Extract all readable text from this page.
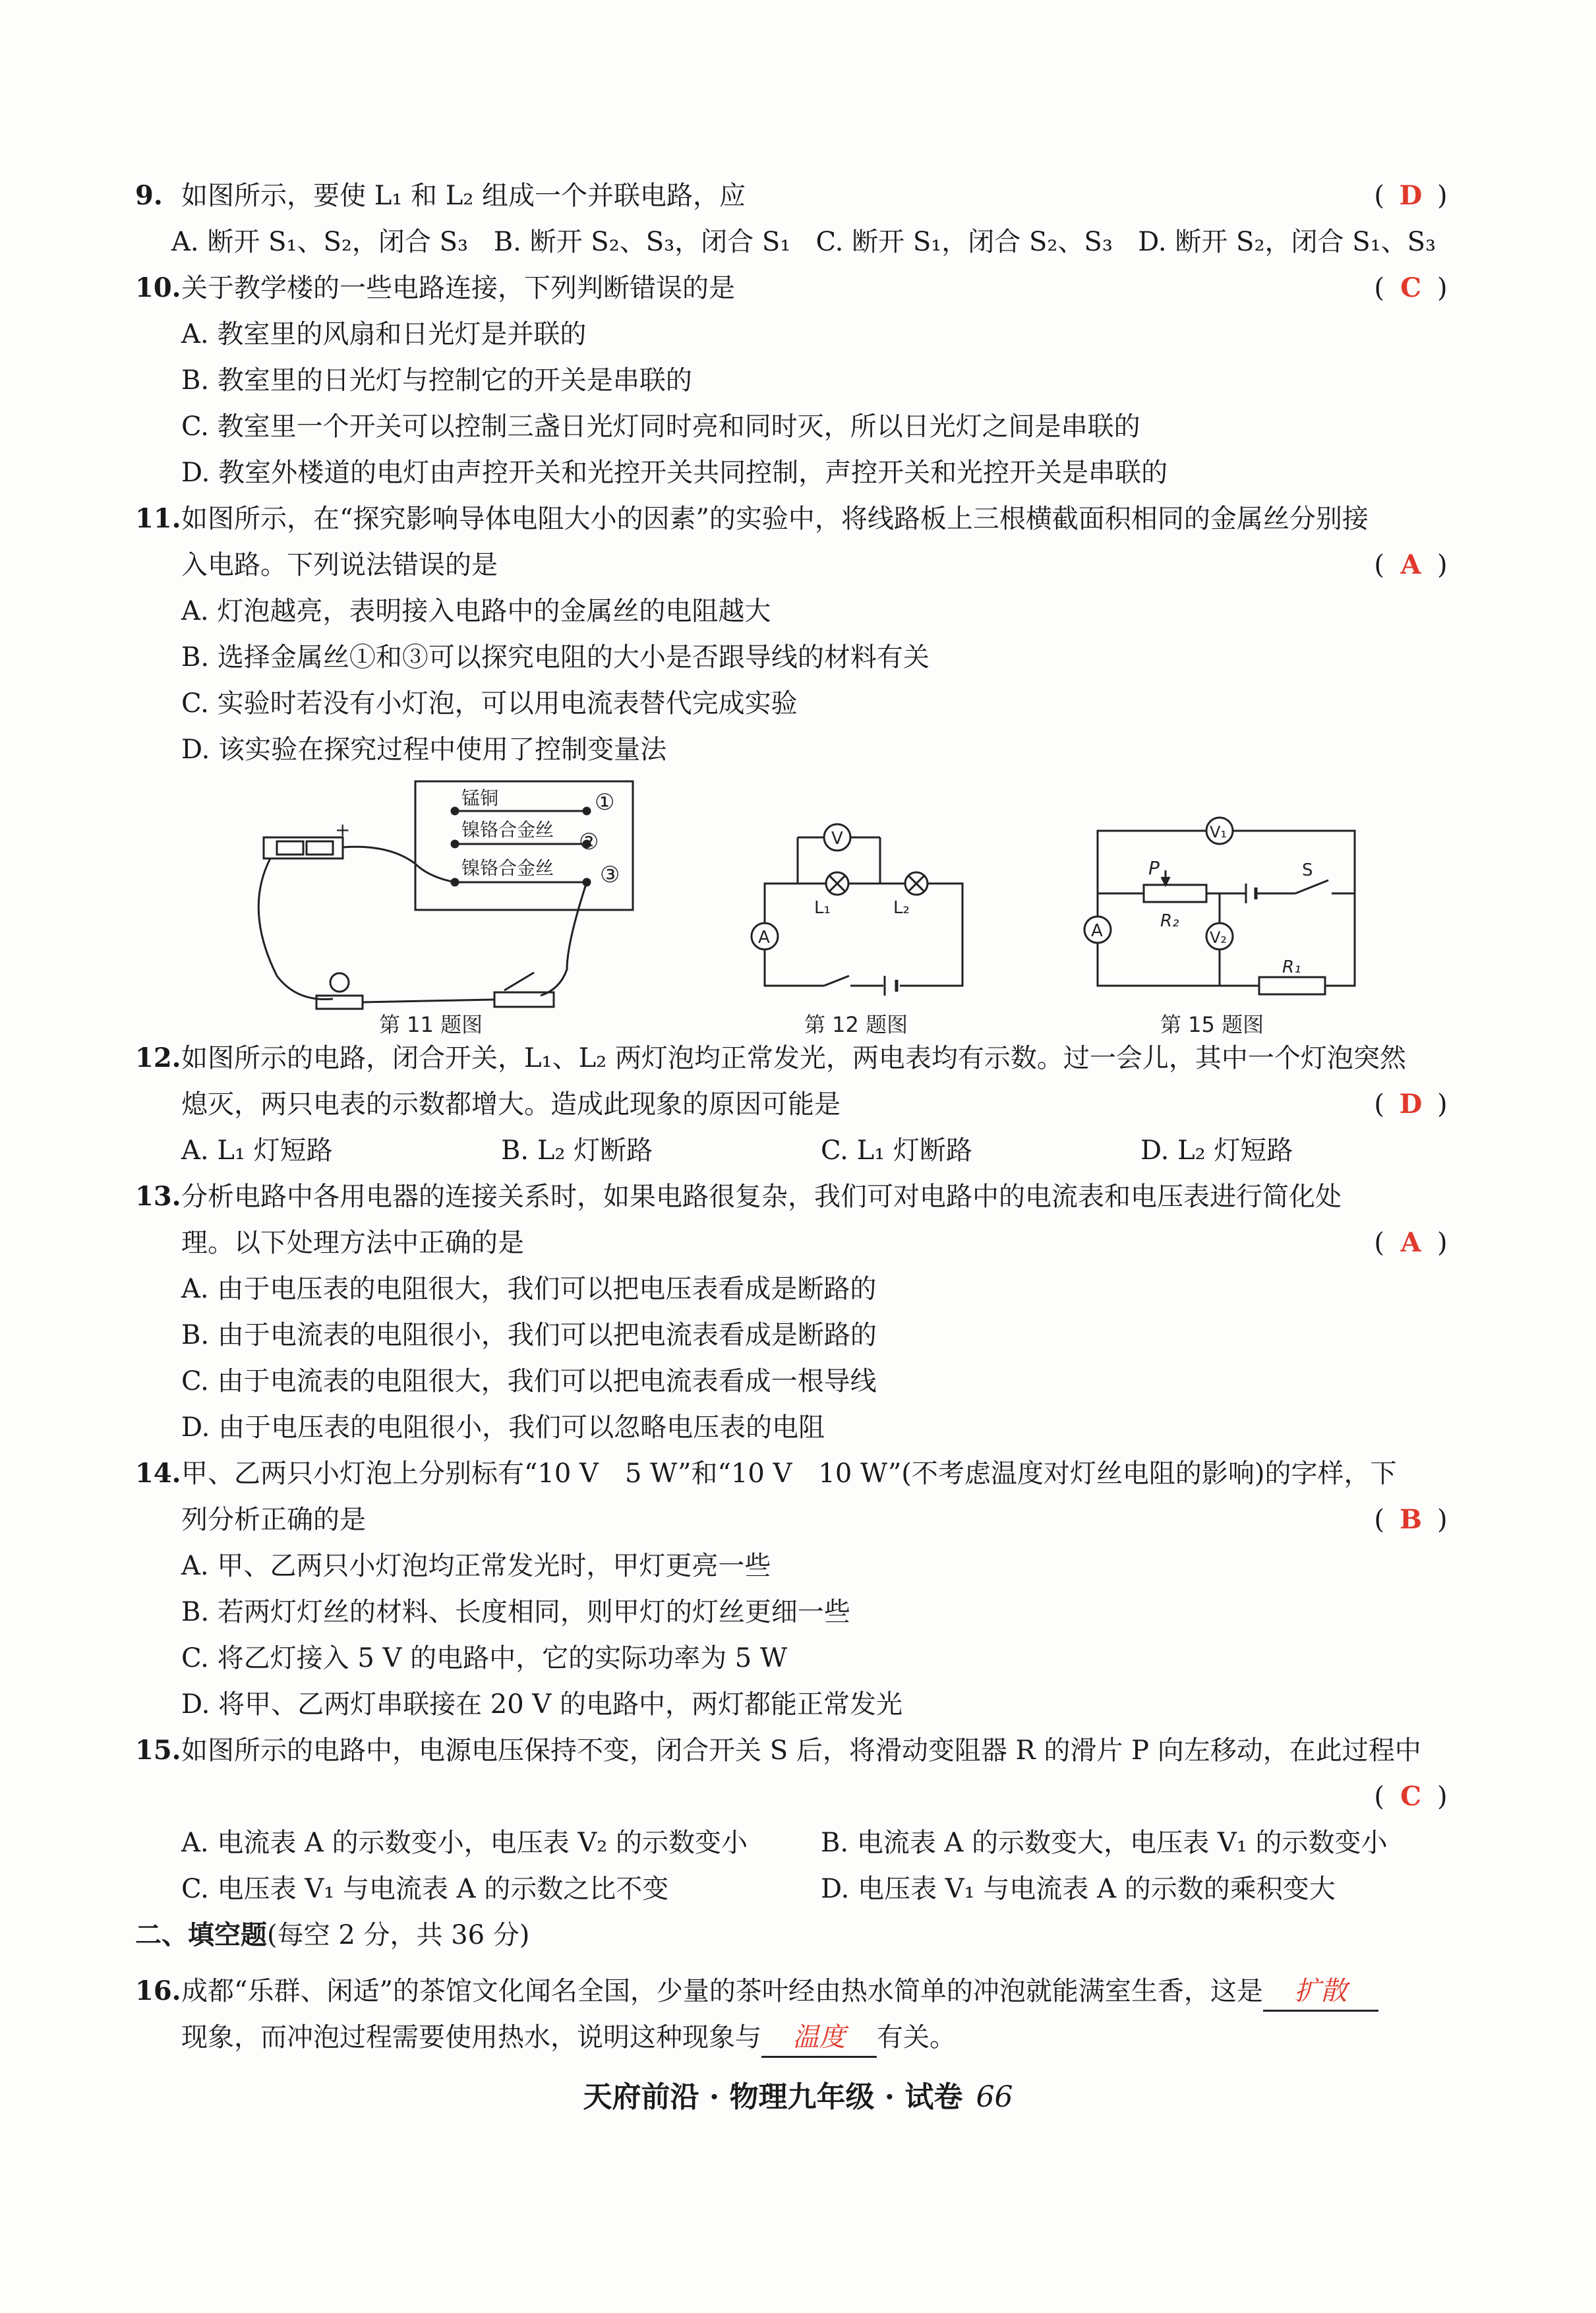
9. 如图所示，要使 L₁ 和 L₂ 组成一个并联电路，应	( D )
A. 断开 S₁、S₂，闭合 S₃ B. 断开 S₂、S₃，闭合 S₁ C. 断开 S₁，闭合 S₂、S₃ D. 断开 S₂，闭合 S₁、S₃
10.关于教学楼的一些电路连接，下列判断错误的是	( C )
A. 教室里的风扇和日光灯是并联的
B. 教室里的日光灯与控制它的开关是串联的
C. 教室里一个开关可以控制三盏日光灯同时亮和同时灭，所以日光灯之间是串联的
D. 教室外楼道的电灯由声控开关和光控开关共同控制，声控开关和光控开关是串联的
11.如图所示，在“探究影响导体电阻大小的因素”的实验中，将线路板上三根横截面积相同的金属丝分别接
入电路。下列说法错误的是	( A )
A. 灯泡越亮，表明接入电路中的金属丝的电阻越大
B. 选择金属丝①和③可以探究电阻的大小是否跟导线的材料有关
C. 实验时若没有小灯泡，可以用电流表替代完成实验
D. 该实验在探究过程中使用了控制变量法
锰铜
镍铬合金丝
镍铬合金丝
①
②
③
+
第 11 题图
V
L₁	L₂
A
第 12 题图
V₁
A
P
R₂
S
V₂
R₁
第 15 题图
12.如图所示的电路，闭合开关，L₁、L₂ 两灯泡均正常发光，两电表均有示数。过一会儿，其中一个灯泡突然
熄灭，两只电表的示数都增大。造成此现象的原因可能是	( D )
A. L₁ 灯短路	B. L₂ 灯断路	C. L₁ 灯断路	D. L₂ 灯短路
13.分析电路中各用电器的连接关系时，如果电路很复杂，我们可对电路中的电流表和电压表进行简化处
理。以下处理方法中正确的是	( A )
A. 由于电压表的电阻很大，我们可以把电压表看成是断路的
B. 由于电流表的电阻很小，我们可以把电流表看成是断路的
C. 由于电流表的电阻很大，我们可以把电流表看成一根导线
D. 由于电压表的电阻很小，我们可以忽略电压表的电阻
14.甲、乙两只小灯泡上分别标有“10 V　5 W”和“10 V　10 W”(不考虑温度对灯丝电阻的影响)的字样，下
列分析正确的是	( B )
A. 甲、乙两只小灯泡均正常发光时，甲灯更亮一些
B. 若两灯灯丝的材料、长度相同，则甲灯的灯丝更细一些
C. 将乙灯接入 5 V 的电路中，它的实际功率为 5 W
D. 将甲、乙两灯串联接在 20 V 的电路中，两灯都能正常发光
15.如图所示的电路中，电源电压保持不变，闭合开关 S 后，将滑动变阻器 R 的滑片 P 向左移动，在此过程中
( C )
A. 电流表 A 的示数变小，电压表 V₂ 的示数变小	B. 电流表 A 的示数变大，电压表 V₁ 的示数变小
C. 电压表 V₁ 与电流表 A 的示数之比不变	D. 电压表 V₁ 与电流表 A 的示数的乘积变大
二、填空题(每空 2 分，共 36 分)
16.成都“乐群、闲适”的茶馆文化闻名全国，少量的茶叶经由热水简单的冲泡就能满室生香，这是 扩散
现象，而冲泡过程需要使用热水，说明这种现象与 温度 有关。
天府前沿 · 物理九年级 · 试卷 66
